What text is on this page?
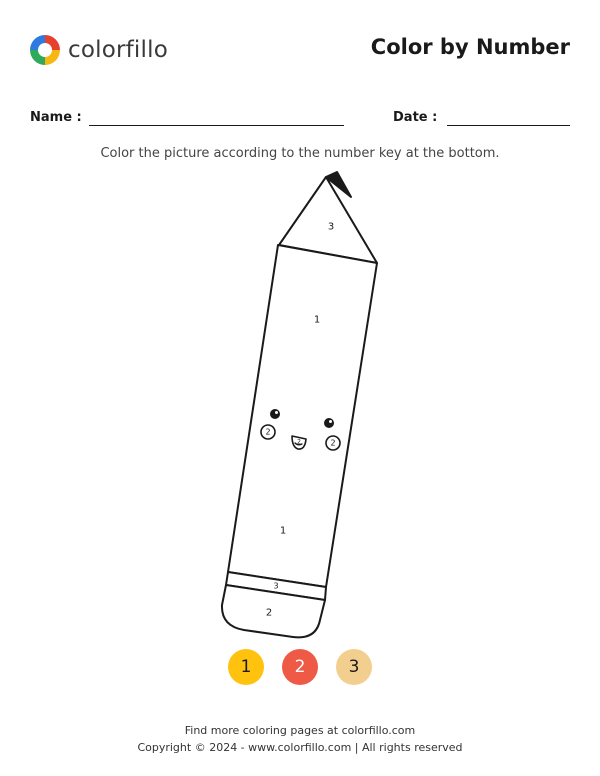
colorfillo	Color by Number
Name :	Date :
Color the picture according to the number key at the bottom.
3
1
2
2	2
1
3
2
1	2	3
Find more coloring pages at colorfillo.com
Copyright © 2024 - www.colorfillo.com | All rights reserved
